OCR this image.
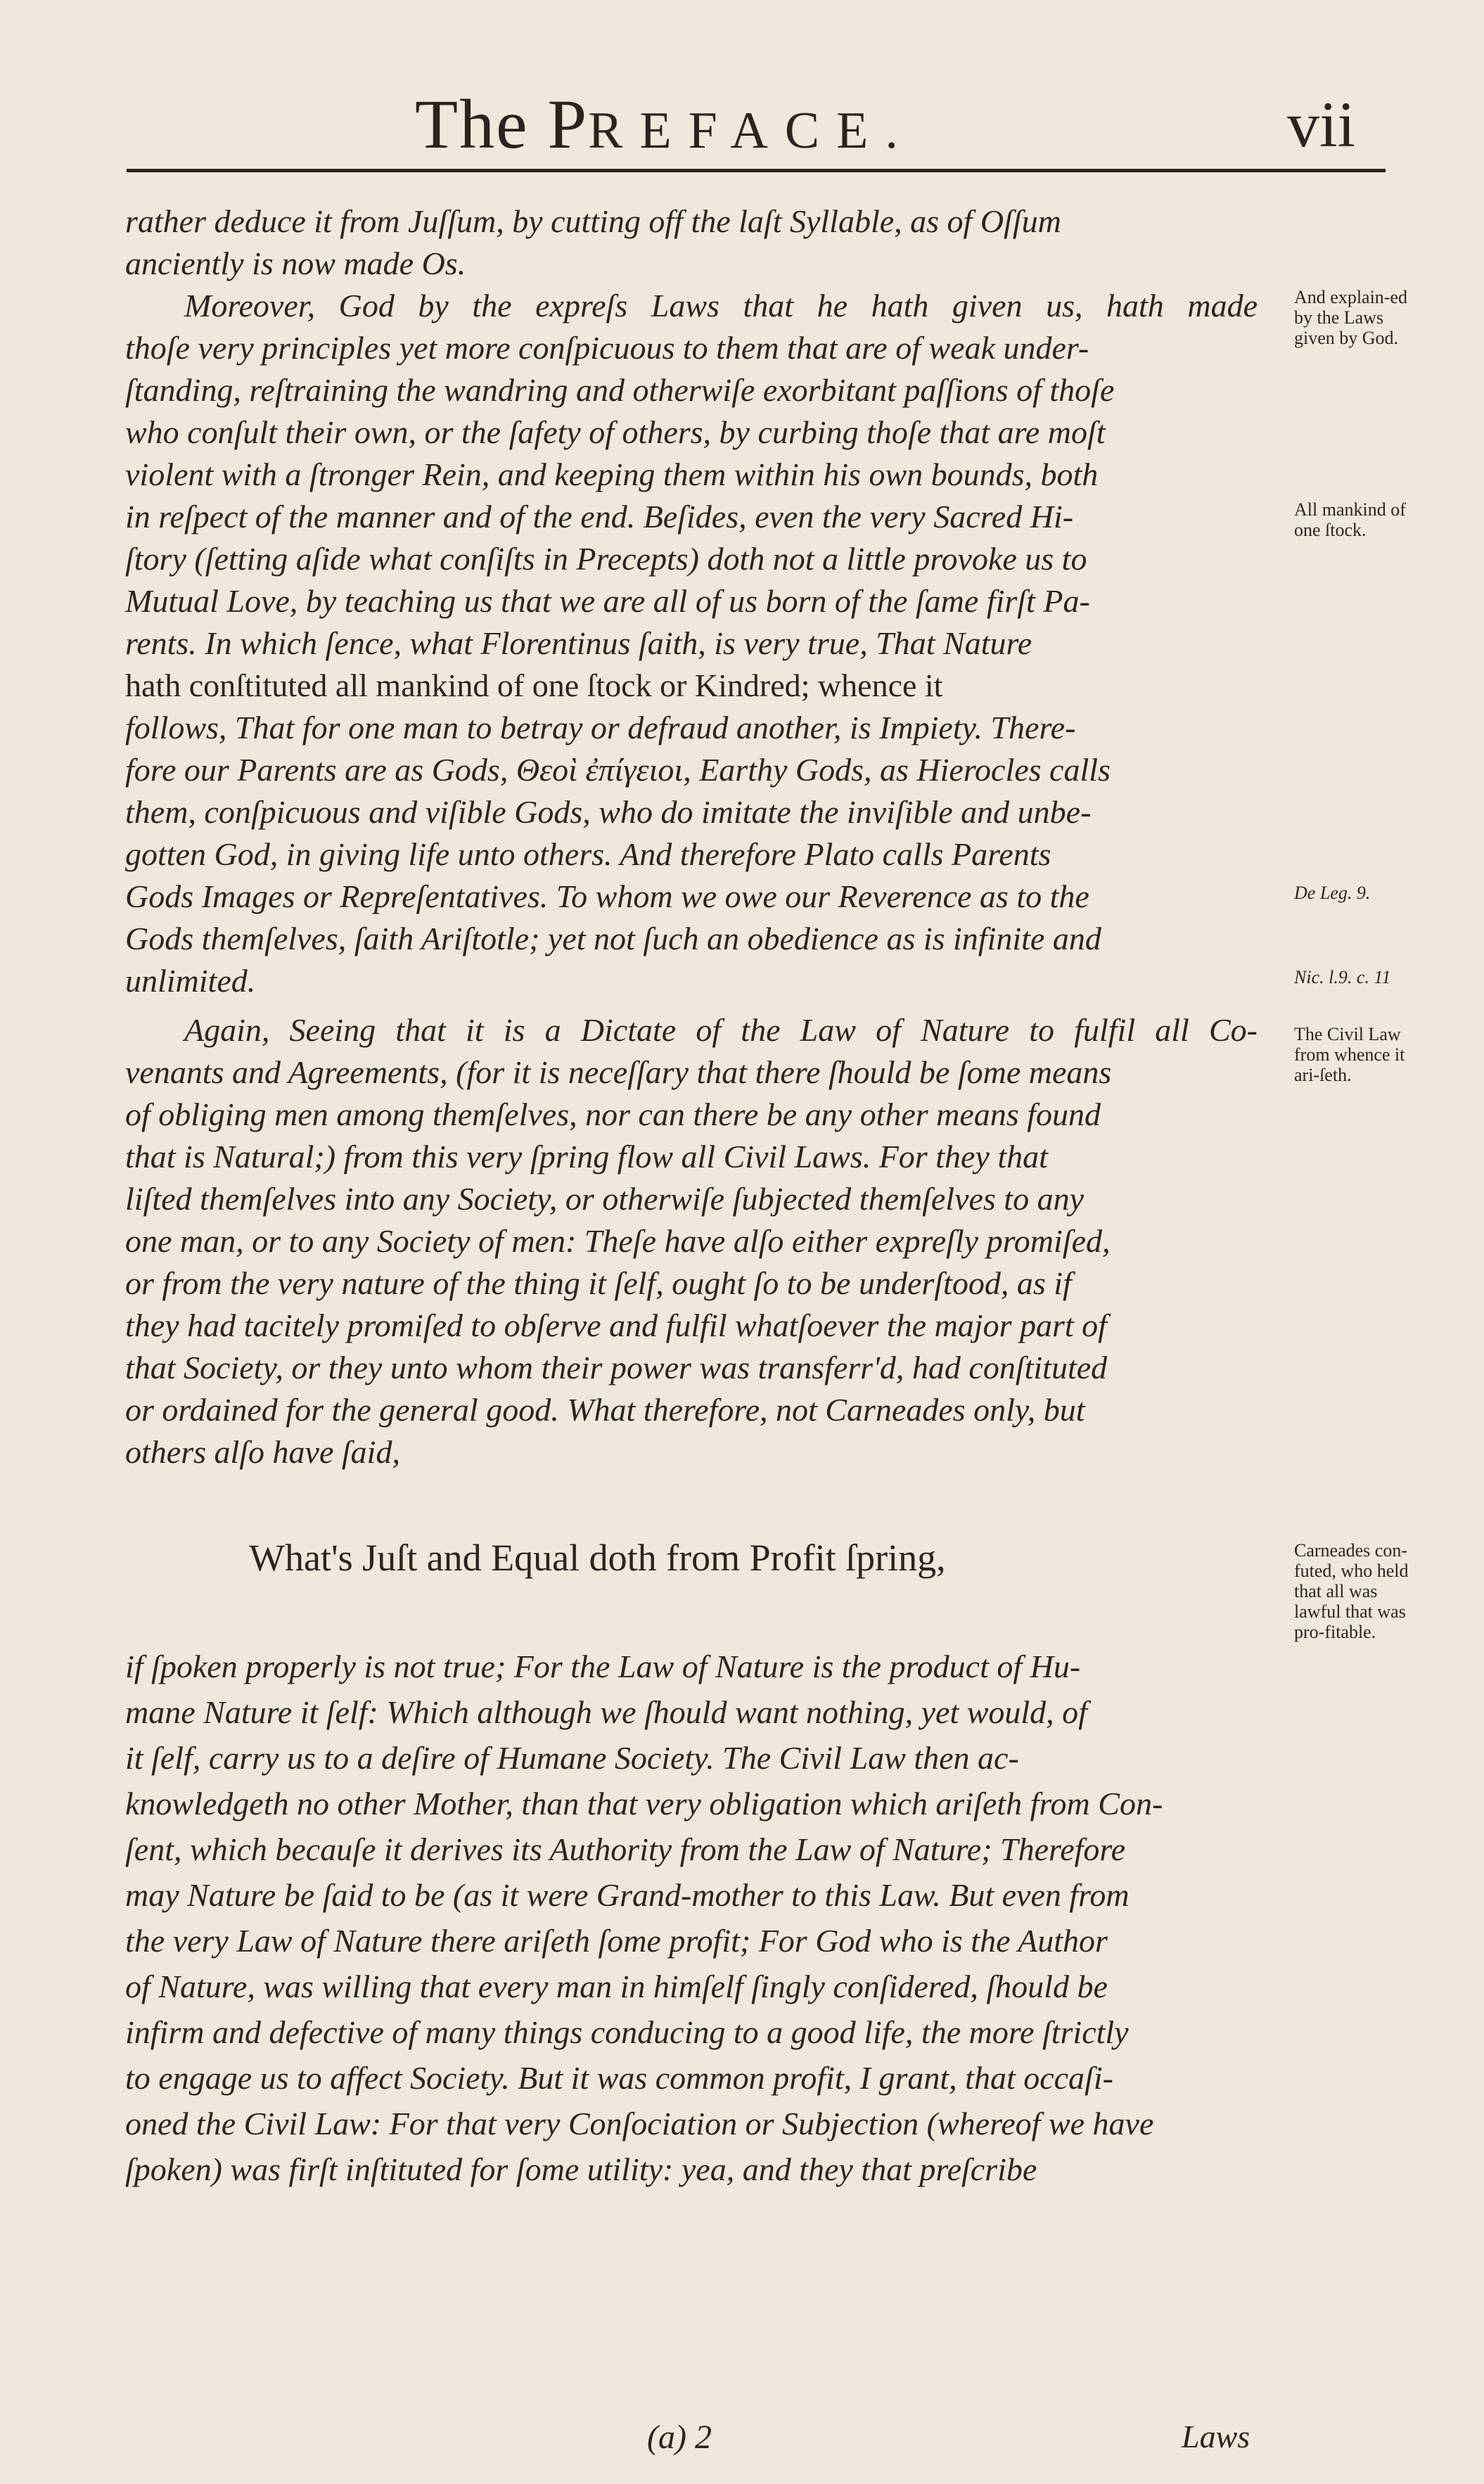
The PREFACE.	vii
rather deduce it from Juſſum, by cutting off the laſt Syllable, as of Oſſum
anciently is now made Os.
Moreover, God by the expreſs Laws that he hath given us, hath made
thoſe very principles yet more conſpicuous to them that are of weak under-
ſtanding, reſtraining the wandring and otherwiſe exorbitant paſſions of thoſe
who conſult their own, or the ſafety of others, by curbing thoſe that are moſt
violent with a ſtronger Rein, and keeping them within his own bounds, both
in reſpect of the manner and of the end. Beſides, even the very Sacred Hi-
ſtory (ſetting aſide what conſiſts in Precepts) doth not a little provoke us to
Mutual Love, by teaching us that we are all of us born of the ſame firſt Pa-
rents. In which ſence, what Florentinus ſaith, is very true, That Nature
hath conſtituted all mankind of one ſtock or Kindred; whence it
follows, That for one man to betray or defraud another, is Impiety. There-
fore our Parents are as Gods, Θεοὶ ἐπίγειοι, Earthy Gods, as Hierocles calls
them, conſpicuous and viſible Gods, who do imitate the inviſible and unbe-
gotten God, in giving life unto others. And therefore Plato calls Parents
Gods Images or Repreſentatives. To whom we owe our Reverence as to the
Gods themſelves, ſaith Ariſtotle; yet not ſuch an obedience as is infinite and
unlimited.
Again, Seeing that it is a Dictate of the Law of Nature to fulfil all Co-
venants and Agreements, (for it is neceſſary that there ſhould be ſome means
of obliging men among themſelves, nor can there be any other means found
that is Natural;) from this very ſpring flow all Civil Laws. For they that
liſted themſelves into any Society, or otherwiſe ſubjected themſelves to any
one man, or to any Society of men: Theſe have alſo either expreſly promiſed,
or from the very nature of the thing it ſelf, ought ſo to be underſtood, as if
they had tacitely promiſed to obſerve and fulfil whatſoever the major part of
that Society, or they unto whom their power was transferr'd, had conſtituted
or ordained for the general good. What therefore, not Carneades only, but
others alſo have ſaid,
What's Juſt and Equal doth from Profit ſpring,
if ſpoken properly is not true; For the Law of Nature is the product of Hu-
mane Nature it ſelf: Which although we ſhould want nothing, yet would, of
it ſelf, carry us to a deſire of Humane Society. The Civil Law then ac-
knowledgeth no other Mother, than that very obligation which ariſeth from Con-
ſent, which becauſe it derives its Authority from the Law of Nature; Therefore
may Nature be ſaid to be (as it were Grand-mother to this Law. But even from
the very Law of Nature there ariſeth ſome profit; For God who is the Author
of Nature, was willing that every man in himſelf ſingly conſidered, ſhould be
infirm and defective of many things conducing to a good life, the more ſtrictly
to engage us to affect Society. But it was common profit, I grant, that occaſi-
oned the Civil Law: For that very Conſociation or Subjection (whereof we have
ſpoken) was firſt inſtituted for ſome utility: yea, and they that preſcribe
And explain-ed by the Laws given by God.
All mankind of one ſtock.
De Leg. 9.
Nic. l.9. c. 11
The Civil Law from whence it ari-ſeth.
Carneades con-futed, who held that all was lawful that was pro-fitable.
(a) 2	Laws
